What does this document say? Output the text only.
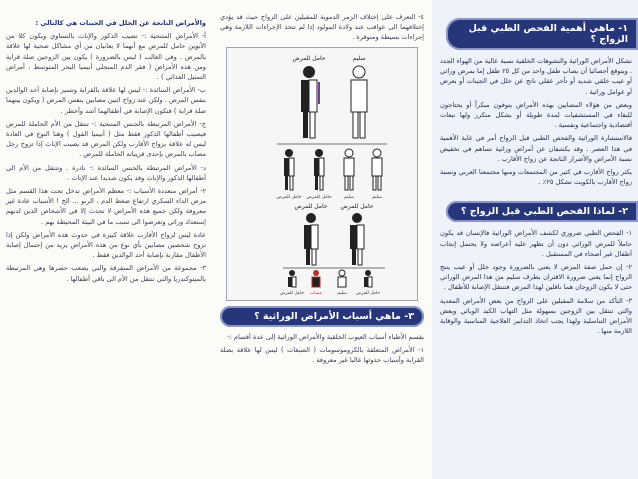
١- ماهي أهمية الفحص الطبي قبل الزواج ؟

تشكل الأمراض الوراثية والتشوهات الخلقية نسبة عالية من الهواء الجدد . ويتوقع أحصائيا أن يصاب طفل واحد من كل ٢٥ طفل إما بمرض وراثي أو عيب خلقي شديد أو تأخر عقلي ناتج عن خلل في الجينات أو بعرض أو عوامل وراثية .

وبعض من هؤلاء المصابين بهذه الأمراض يتوفون مبكراً أو يحتاجون للبقاء في المستشفيات لمدة طويلة أو بشكل متكرر ولها تبعات أقتصادية واجتماعية ونفسية .

فالاستشارة الوراثية والفحص الطبي قبل الزواج أمر في غاية الأهمية في هذا العصر . وقد يكشفان عن أمراض وراثية تساهم في تخفيض نسبة الأمراض والأضرار الناتجة عن زواج الأقارب .

يكثر زواج الأقارب في كثير من المجتمعات ومنها مجتمعنا العربي ونسبة زواج الأقارب بالكويت تشكل ٢٥٪ .

٢- لماذا الفحص الطبي قبل الزواج ؟

١- الفحص الطبي ضروري لكشف الأمراض الوراثية فالإنسان قد يكون حاملاً للمرض الوراثي دون أن تظهر عليه أعراضه ولا يحتمل إنجاب أطفال غير أصحاء في المستقبل .

٢- إن حمل صفة المرض لا يعني بالضرورة وجود خلل أو عيب ينتج الزواج إنما يعني ضرورة الاقتران بطرف سليم من هذا المرض الوراثي حتى لا يكون الزوجان هما ناقلين لهذا المرض فتنتقل الإصابة للأطفال .

٣- التأكد من سلامة المقبلين على الزواج من بعض الأمراض المعدية والتي تنتقل بين الزوجين بسهولة مثل التهاب الكبد الوبائي وبعض الأمراض التناسلية ولهذا يجب اتخاذ التدابير العلاجية المناسبة والوقاية اللازمة منها .

٤- التعرف على إختلاف الزمر الدموية للمقبلين على الزواج حيث قد يؤدي إختلافهما الى عواقب عند ولادة المولود إذا لم تتخذ الإجراءات اللازمة وهي إجراءات بسيطة ومتوفرة .

سليم
حامل للمرض
حامل للمرض حامل للمرض	سليم	سليم
حامل للمرض
حامل للمرض
حامل للمرض مصاب	سليم حامل للمرض
٣- ماهي أسباب الأمراض الوراثية ؟

يقسم الأطباء أسباب العيوب الخلقية والأمراض الوراثية إلى عدة أقسام :-

١- الأمراض المتعلقة بالكروموسومات ( الصبغات ) ليس لها علاقة بصلة القرابة وأسباب حدوثها غالبا غير معروفة .

والأمراض الناتجة عن الخلل في الجينات هي كالتالي :

أ- الأمراض المتنحية :- تصيب الذكور والإناث بالتساوي ويكون كلا من الأبوين حامل للمرض مع أنهما لا يعانيان من أي مشاكل صحية لها علاقة بالمرض . وفي الغالب ( ليس بالضرورة ) يكون بين الزوجين صلة قرابة ومن هذه الأمراض ( فقر الدم المنجلي أنيميا البحر المتوسط ، أمراض التمثيل الغذائي ) .

ب- الأمراض السائدة :- ليس لها علاقة بالقرابة وتتميز بإصابة أحد الوالدين بنفس المرض . ولكن عند زواج اثنين مصابين بنفس المرض ( ويكون بينهما صلة قرابة ) فتكون الإصابة في أطفالهما أشد وأخطر .

ج- الأمراض المرتبطة بالجنس المتنحية :- تنتقل من الأم الحاملة للمرض فيصيب أطفالها الذكور فقط مثل ( أنيميا الفول ) وهنا النوع في العادة ليس له علاقة بزواج الأقارب ولكن المرض قد يصيب الإناث إذا تزوج رجل مصاب بالمرض بإحدى قريباته الحاملة للمرض .

د- الأمراض المرتبطة بالجنس السائدة :- نادرة . وتنتقل من الأم الى أطفالها الذكور والإناث وقد يكون شديدا عند الإناث .

٢- أمراض متعددة الأسباب :- معظم الأمراض تدخل تحت هذا القسم مثل مرض الداء السكري ارتفاع ضغط الدم ، الربو ... الخ ! الأسباب عادة غير معروفة ولكن جميع هذه الأمراض لا تحدث إلا في الأشخاص الذين لديهم إستعداد وراثي وتعرضوا الى سبب ما في البيئة المحيطة بهم .

عادة ليس لزواج الأقارب علاقة كبيرة في حدوث هذه الأمراض ولكن إذا تزوج شخصين مصابين بأي نوع من هذه الأمراض يزيد من إحتمال إصابة الأطفال مقارنة بإصابة أحد الوالدين فقط .

٣- مجموعة من الأمراض المتفرقة والتي يصعب حصرها وهي المرتبطة بالميتوكندريا والتي تنتقل من الأم الى باقي أطفالها .
